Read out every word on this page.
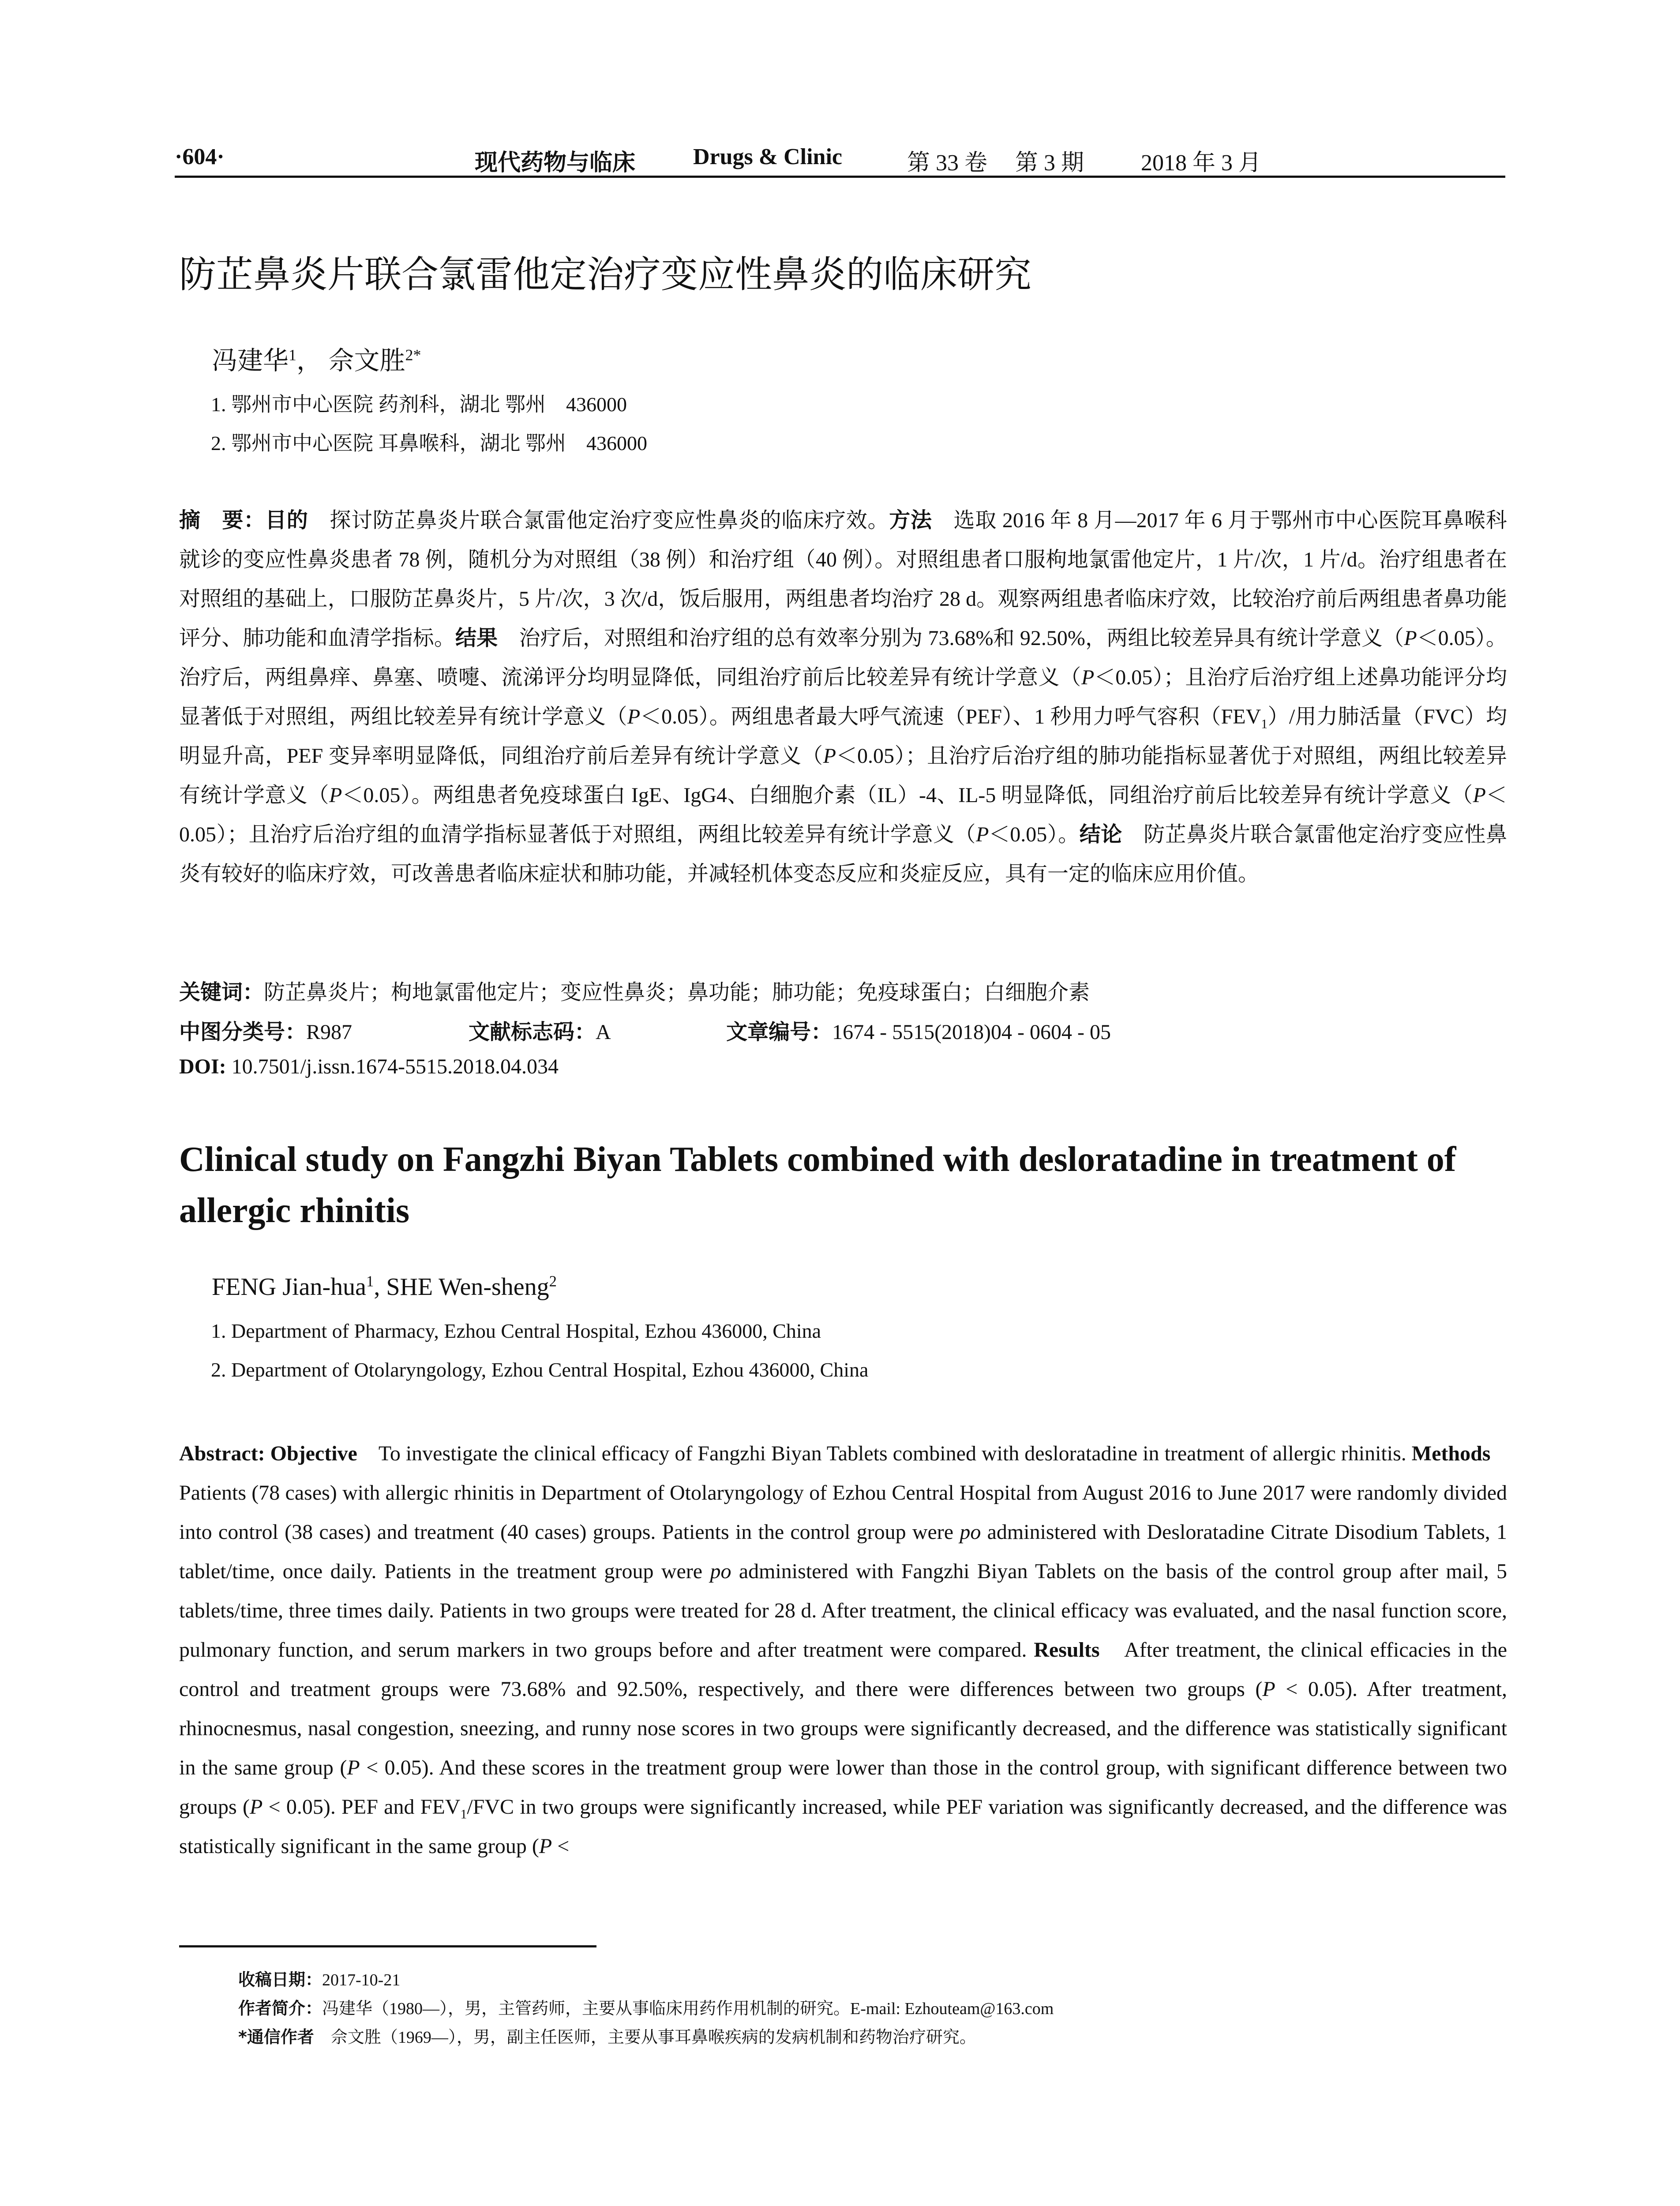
·604·	现代药物与临床	Drugs & Clinic	第 33 卷 第 3 期 2018 年 3 月
防芷鼻炎片联合氯雷他定治疗变应性鼻炎的临床研究
冯建华$^1$， 佘文胜$^{2*}$
1. 鄂州市中心医院 药剂科，湖北 鄂州　436000
2. 鄂州市中心医院 耳鼻喉科，湖北 鄂州　436000
摘　要：目的　探讨防芷鼻炎片联合氯雷他定治疗变应性鼻炎的临床疗效。方法　选取 2016 年 8 月—2017 年 6 月于鄂州市中心医院耳鼻喉科就诊的变应性鼻炎患者 78 例，随机分为对照组（38 例）和治疗组（40 例）。对照组患者口服枸地氯雷他定片，1 片/次，1 片/d。治疗组患者在对照组的基础上，口服防芷鼻炎片，5 片/次，3 次/d，饭后服用，两组患者均治疗 28 d。观察两组患者临床疗效，比较治疗前后两组患者鼻功能评分、肺功能和血清学指标。结果　治疗后，对照组和治疗组的总有效率分别为 73.68%和 92.50%，两组比较差异具有统计学意义（P＜0.05）。治疗后，两组鼻痒、鼻塞、喷嚏、流涕评分均明显降低，同组治疗前后比较差异有统计学意义（P＜0.05）；且治疗后治疗组上述鼻功能评分均显著低于对照组，两组比较差异有统计学意义（P＜0.05）。两组患者最大呼气流速（PEF）、1 秒用力呼气容积$(FEV_1)/$用力肺活量（FVC）均明显升高，PEF 变异率明显降低，同组治疗前后差异有统计学意义（P＜0.05）；且治疗后治疗组的肺功能指标显著优于对照组，两组比较差异有统计学意义（P＜0.05）。两组患者免疫球蛋白 IgE、IgG4、白细胞介素（IL）-4、IL-5 明显降低，同组治疗前后比较差异有统计学意义（P＜0.05）；且治疗后治疗组的血清学指标显著低于对照组，两组比较差异有统计学意义（P＜0.05）。结论　防芷鼻炎片联合氯雷他定治疗变应性鼻炎有较好的临床疗效，可改善患者临床症状和肺功能，并减轻机体变态反应和炎症反应，具有一定的临床应用价值。
关键词：防芷鼻炎片；枸地氯雷他定片；变应性鼻炎；鼻功能；肺功能；免疫球蛋白；白细胞介素
中图分类号：R987	文献标志码：A	文章编号：1674 - 5515(2018)04 - 0604 - 05
DOI: 10.7501/j.issn.1674-5515.2018.04.034
Clinical study on Fangzhi Biyan Tablets combined with desloratadine in treatment of allergic rhinitis
FENG Jian-hua$^1$, SHE Wen-sheng$^2$
1. Department of Pharmacy, Ezhou Central Hospital, Ezhou 436000, China
2. Department of Otolaryngology, Ezhou Central Hospital, Ezhou 436000, China
Abstract: Objective　To investigate the clinical efficacy of Fangzhi Biyan Tablets combined with desloratadine in treatment of allergic rhinitis. Methods　Patients (78 cases) with allergic rhinitis in Department of Otolaryngology of Ezhou Central Hospital from August 2016 to June 2017 were randomly divided into control (38 cases) and treatment (40 cases) groups. Patients in the control group were po administered with Desloratadine Citrate Disodium Tablets, 1 tablet/time, once daily. Patients in the treatment group were po administered with Fangzhi Biyan Tablets on the basis of the control group after mail, 5 tablets/time, three times daily. Patients in two groups were treated for 28 d. After treatment, the clinical efficacy was evaluated, and the nasal function score, pulmonary function, and serum markers in two groups before and after treatment were compared. Results　After treatment, the clinical efficacies in the control and treatment groups were 73.68% and 92.50%, respectively, and there were differences between two groups (P < 0.05). After treatment, rhinocnesmus, nasal congestion, sneezing, and runny nose scores in two groups were significantly decreased, and the difference was statistically significant in the same group (P < 0.05). And these scores in the treatment group were lower than those in the control group, with significant difference between two groups (P < 0.05). PEF and $FEV_1$/FVC in two groups were significantly increased, while PEF variation was significantly decreased, and the difference was statistically significant in the same group (P <
收稿日期：2017-10-21
作者简介：冯建华（1980—），男，主管药师，主要从事临床用药作用机制的研究。E-mail: Ezhouteam@163.com
*通信作者　佘文胜（1969—），男，副主任医师，主要从事耳鼻喉疾病的发病机制和药物治疗研究。
